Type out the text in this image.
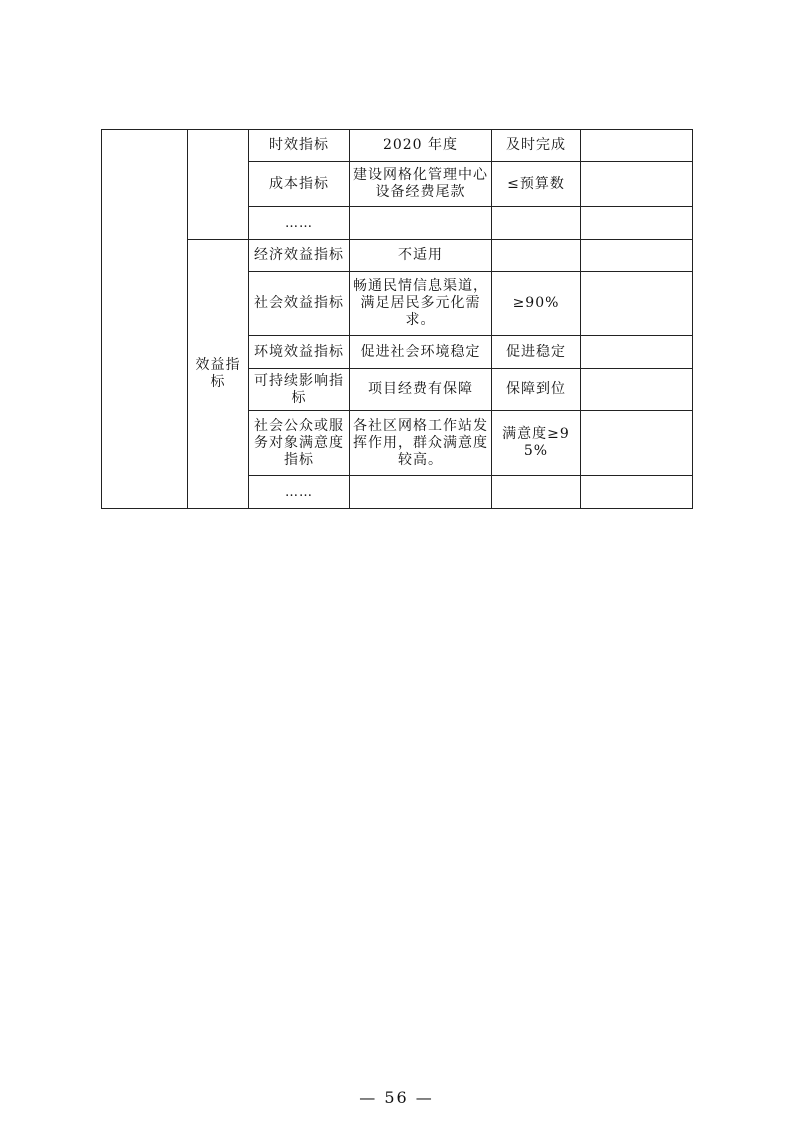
		时效指标	2020 年度	及时完成	
		成本指标	建设网格化管理中心设备经费尾款	≤预算数	
		……			
	效益指标	经济效益指标	不适用		
		社会效益指标	畅通民情信息渠道，满足居民多元化需求。	≥90%	
		环境效益指标	促进社会环境稳定	促进稳定	
		可持续影响指标	项目经费有保障	保障到位	
		社会公众或服务对象满意度指标	各社区网格工作站发挥作用，群众满意度较高。	满意度≥95%	
		……			
— 56 —
